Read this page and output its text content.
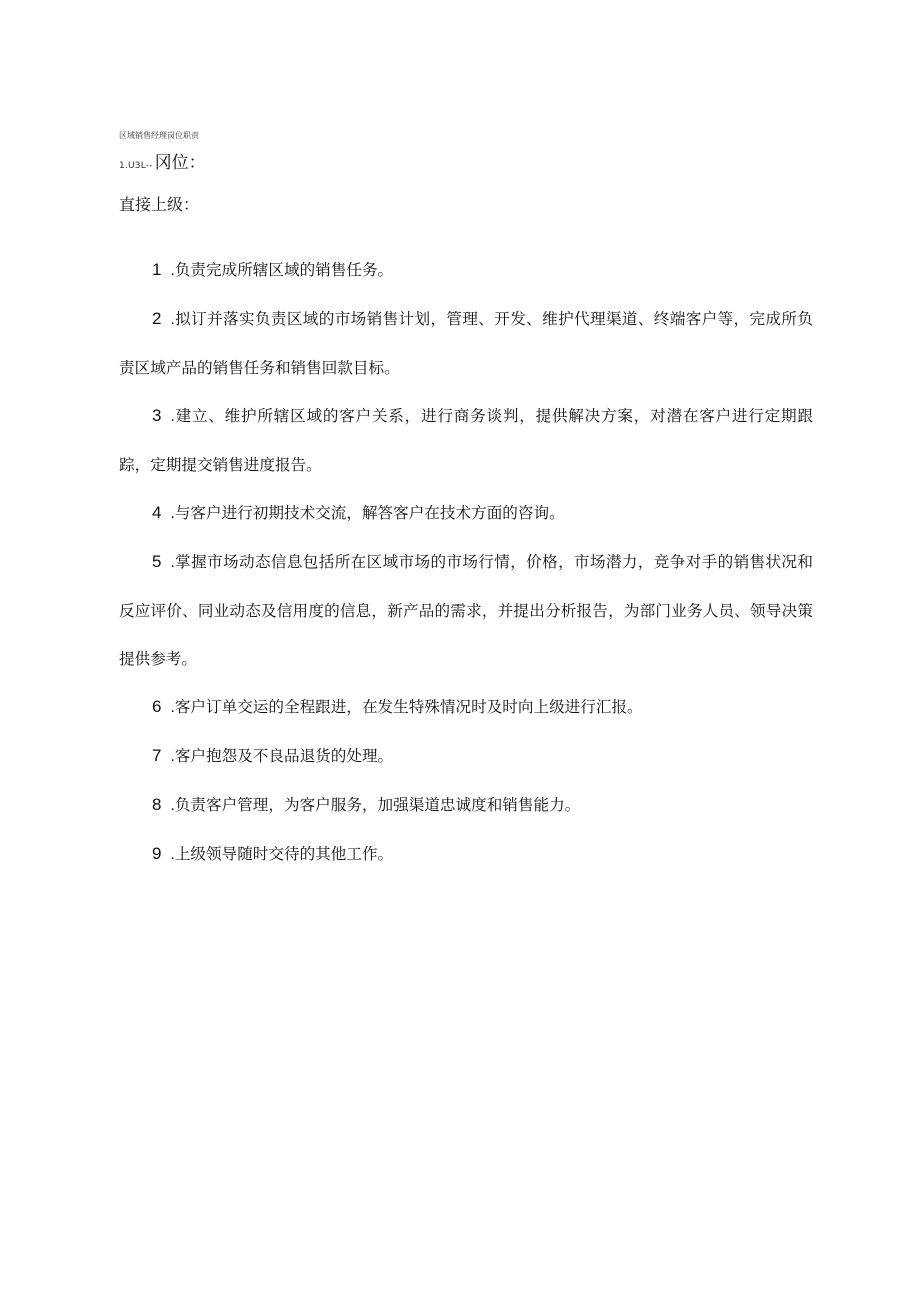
区域销售经理岗位职责
1.U3L-- 冈位：
直接上级：
1 .负责完成所辖区域的销售任务。
2 .拟订并落实负责区域的市场销售计划，管理、开发、维护代理渠道、终端客户等，完成所负责区域产品的销售任务和销售回款目标。
3 .建立、维护所辖区域的客户关系，进行商务谈判，提供解决方案，对潜在客户进行定期跟踪，定期提交销售进度报告。
4 .与客户进行初期技术交流，解答客户在技术方面的咨询。
5 .掌握市场动态信息包括所在区域市场的市场行情，价格，市场潜力，竞争对手的销售状况和反应评价、同业动态及信用度的信息，新产品的需求，并提出分析报告，为部门业务人员、领导决策提供参考。
6 .客户订单交运的全程跟进，在发生特殊情况时及时向上级进行汇报。
7 .客户抱怨及不良品退货的处理。
8 .负责客户管理，为客户服务，加强渠道忠诚度和销售能力。
9 .上级领导随时交待的其他工作。
